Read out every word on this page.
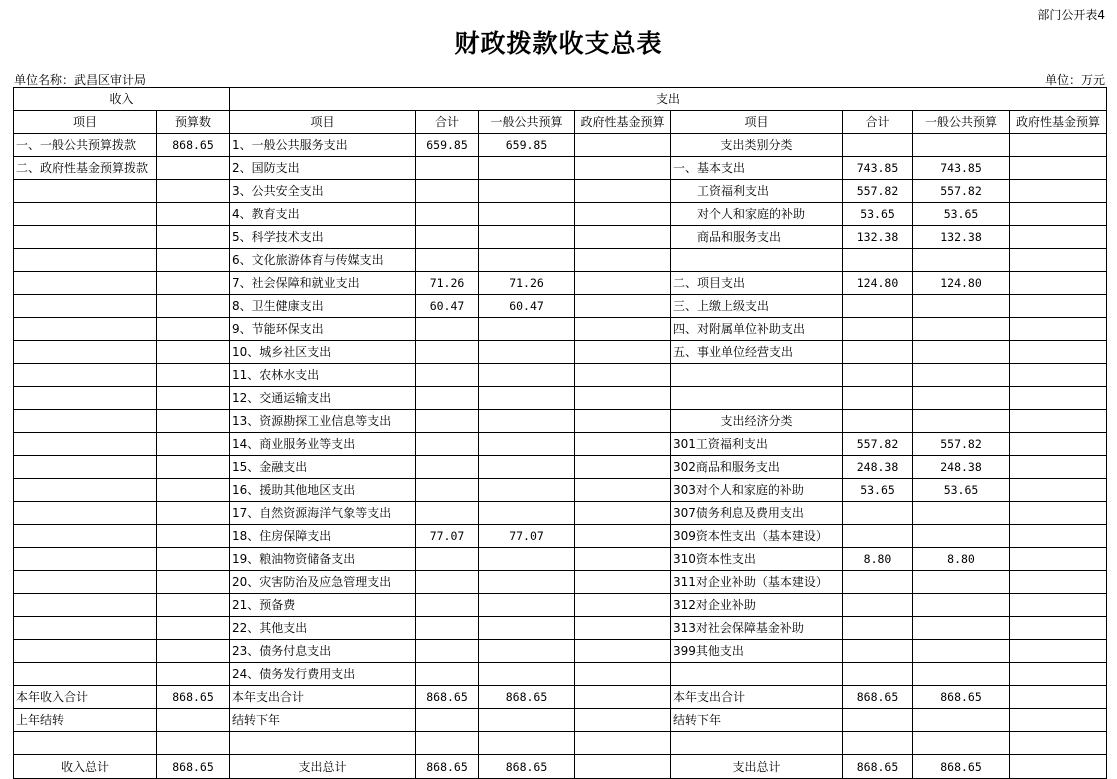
部门公开表4
财政拨款收支总表
单位名称：武昌区审计局	单位：万元
收入		支出							
项目	预算数	项目	合计	一般公共预算	政府性基金预算	项目	合计	一般公共预算	政府性基金预算
一、一般公共预算拨款	868.65	1、一般公共服务支出	659.85	659.85		支出类别分类			
二、政府性基金预算拨款		2、国防支出				一、基本支出	743.85	743.85	
		3、公共安全支出				工资福利支出	557.82	557.82	
		4、教育支出				对个人和家庭的补助	53.65	53.65	
		5、科学技术支出				商品和服务支出	132.38	132.38	
		6、文化旅游体育与传媒支出							
		7、社会保障和就业支出	71.26	71.26		二、项目支出	124.80	124.80	
		8、卫生健康支出	60.47	60.47		三、上缴上级支出			
		9、节能环保支出				四、对附属单位补助支出			
		10、城乡社区支出				五、事业单位经营支出			
		11、农林水支出							
		12、交通运输支出							
		13、资源勘探工业信息等支出				支出经济分类			
		14、商业服务业等支出				301工资福利支出	557.82	557.82	
		15、金融支出				302商品和服务支出	248.38	248.38	
		16、援助其他地区支出				303对个人和家庭的补助	53.65	53.65	
		17、自然资源海洋气象等支出				307债务利息及费用支出			
		18、住房保障支出	77.07	77.07		309资本性支出（基本建设）			
		19、粮油物资储备支出				310资本性支出	8.80	8.80	
		20、灾害防治及应急管理支出				311对企业补助（基本建设）			
		21、预备费				312对企业补助			
		22、其他支出				313对社会保障基金补助			
		23、债务付息支出				399其他支出			
		24、债务发行费用支出							
本年收入合计	868.65	本年支出合计	868.65	868.65		本年支出合计	868.65	868.65	
上年结转		结转下年				结转下年			

收入总计	868.65	支出总计	868.65	868.65		支出总计	868.65	868.65	
